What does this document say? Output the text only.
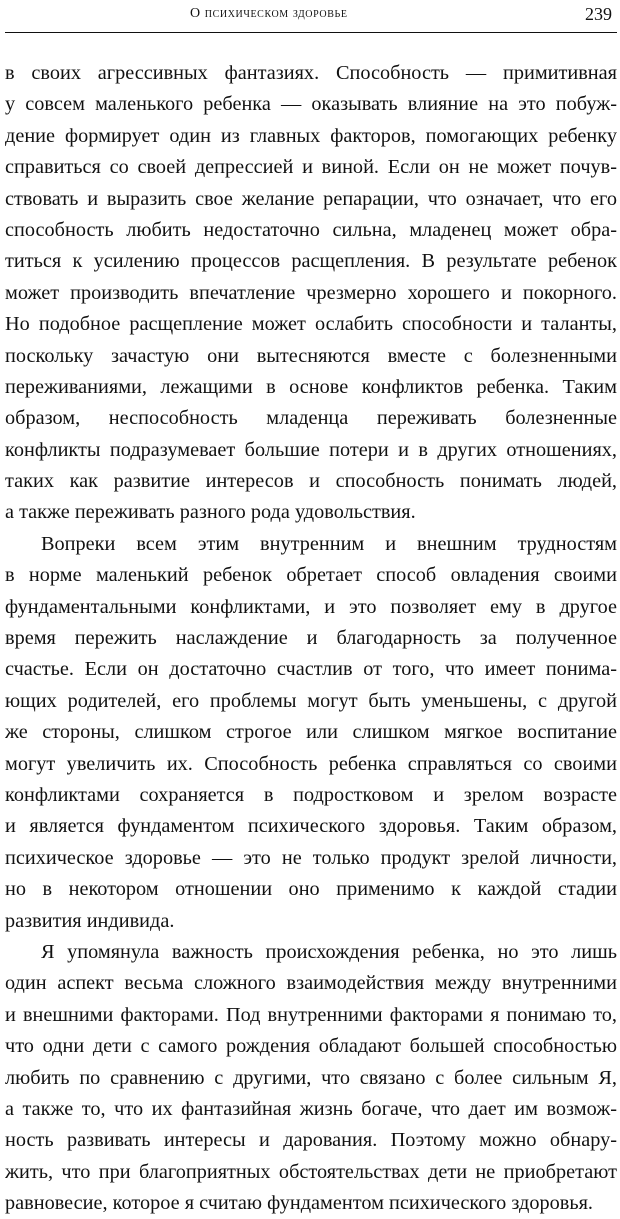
О психическом здоровье	239
в своих агрессивных фантазиях. Способность — примитивная
у совсем маленького ребенка — оказывать влияние на это побуж-
дение формирует один из главных факторов, помогающих ребенку
справиться со своей депрессией и виной. Если он не может почув-
ствовать и выразить свое желание репарации, что означает, что его
способность любить недостаточно сильна, младенец может обра-
титься к усилению процессов расщепления. В результате ребенок
может производить впечатление чрезмерно хорошего и покорного.
Но подобное расщепление может ослабить способности и таланты,
поскольку зачастую они вытесняются вместе с болезненными
переживаниями, лежащими в основе конфликтов ребенка. Таким
образом, неспособность младенца переживать болезненные
конфликты подразумевает большие потери и в других отношениях,
таких как развитие интересов и способность понимать людей,
а также переживать разного рода удовольствия.
Вопреки всем этим внутренним и внешним трудностям
в норме маленький ребенок обретает способ овладения своими
фундаментальными конфликтами, и это позволяет ему в другое
время пережить наслаждение и благодарность за полученное
счастье. Если он достаточно счастлив от того, что имеет понима-
ющих родителей, его проблемы могут быть уменьшены, с другой
же стороны, слишком строгое или слишком мягкое воспитание
могут увеличить их. Способность ребенка справляться со своими
конфликтами сохраняется в подростковом и зрелом возрасте
и является фундаментом психического здоровья. Таким образом,
психическое здоровье — это не только продукт зрелой личности,
но в некотором отношении оно применимо к каждой стадии
развития индивида.
Я упомянула важность происхождения ребенка, но это лишь
один аспект весьма сложного взаимодействия между внутренними
и внешними факторами. Под внутренними факторами я понимаю то,
что одни дети с самого рождения обладают большей способностью
любить по сравнению с другими, что связано с более сильным Я,
а также то, что их фантазийная жизнь богаче, что дает им возмож-
ность развивать интересы и дарования. Поэтому можно обнару-
жить, что при благоприятных обстоятельствах дети не приобретают
равновесие, которое я считаю фундаментом психического здоровья.
